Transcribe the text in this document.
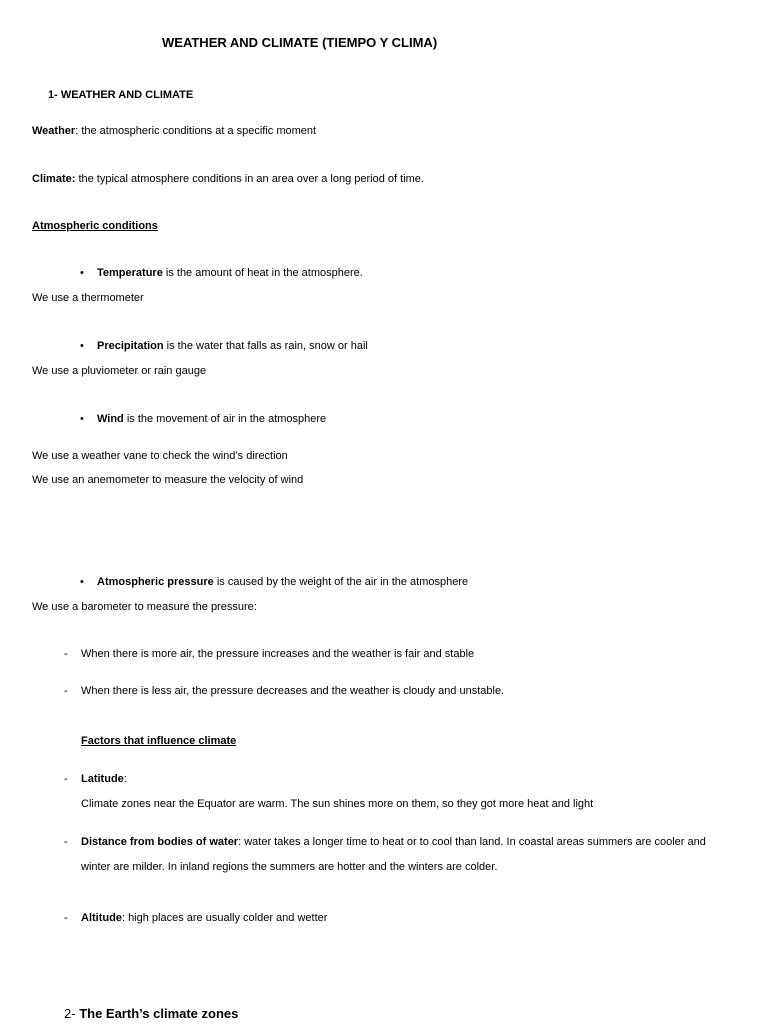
WEATHER AND CLIMATE (TIEMPO Y CLIMA)
1- WEATHER AND CLIMATE
Weather: the atmospheric conditions at a specific moment
Climate: the typical atmosphere conditions in an area over a long period of time.
Atmospheric conditions
• Temperature is the amount of heat in the atmosphere.
We use a thermometer
• Precipitation is the water that falls as rain, snow or hail
We use a pluviometer or rain gauge
• Wind is the movement of air in the atmosphere
We use a weather vane to check the wind’s direction
We use an anemometer to measure the velocity of wind
• Atmospheric pressure is caused by the weight of the air in the atmosphere
We use a barometer to measure the pressure:
- When there is more air, the pressure increases and the weather is fair and stable
- When there is less air, the pressure decreases and the weather is cloudy and unstable.
Factors that influence climate
- Latitude:
Climate zones near the Equator are warm. The sun shines more on them, so they got more heat and light
- Distance from bodies of water: water takes a longer time to heat or to cool than land. In coastal areas summers are cooler and
winter are milder. In inland regions the summers are hotter and the winters are colder.
- Altitude: high places are usually colder and wetter
2- The Earth’s climate zones
